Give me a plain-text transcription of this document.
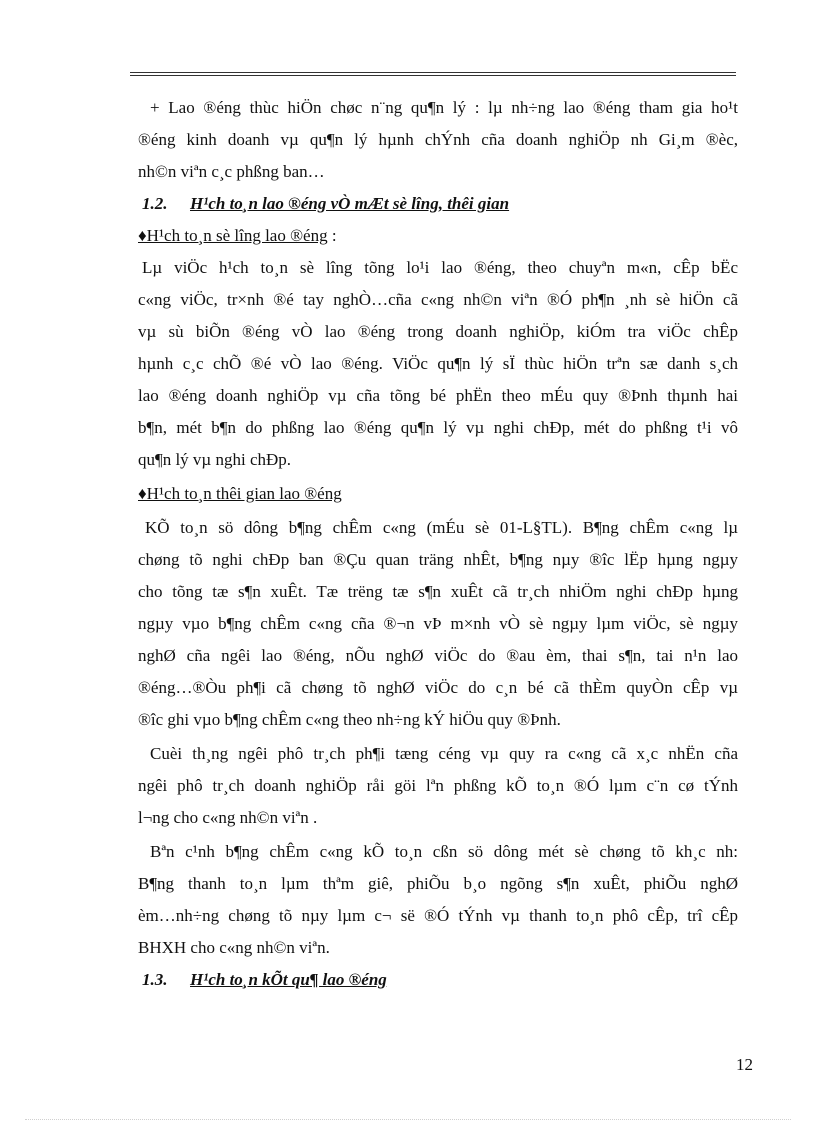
+ Lao ®éng thùc hiÖn chøc n¨ng qu¶n lý : lµ nh÷ng lao ®éng tham gia ho¹t
®éng kinh doanh vµ qu¶n lý hµnh chÝnh cña doanh nghiÖp nh Gi¸m ®èc,
nh©n viªn c¸c phßng ban…
1.2. H¹ch to¸n lao ®éng vÒ mÆt sè lîng, thêi gian
♦H¹ch to¸n sè lîng lao ®éng :
Lµ viÖc h¹ch to¸n sè lîng tõng lo¹i lao ®éng, theo chuyªn m«n, cÊp bËc
c«ng viÖc, tr×nh ®é tay nghÒ…cña c«ng nh©n viªn ®Ó ph¶n ¸nh sè hiÖn cã
vµ sù biÕn ®éng vÒ lao ®éng trong doanh nghiÖp, kiÓm tra viÖc chÊp
hµnh c¸c chÕ ®é vÒ lao ®éng. ViÖc qu¶n lý sÏ thùc hiÖn trªn sæ danh s¸ch
lao ®éng doanh nghiÖp vµ cña tõng bé phËn theo mÉu quy ®Þnh thµnh hai
b¶n, mét b¶n do phßng lao ®éng qu¶n lý vµ nghi chÐp, mét do phßng t¹i vô
qu¶n lý vµ nghi chÐp.
♦H¹ch to¸n thêi gian lao ®éng
KÕ to¸n sö dông b¶ng chÊm c«ng (mÉu sè 01-L§TL). B¶ng chÊm c«ng lµ
chøng tõ nghi chÐp ban ®Çu quan träng nhÊt, b¶ng nµy ®îc lËp hµng ngµy
cho tõng tæ s¶n xuÊt. Tæ trëng tæ s¶n xuÊt cã tr¸ch nhiÖm nghi chÐp hµng
ngµy vµo b¶ng chÊm c«ng cña ®¬n vÞ m×nh vÒ sè ngµy lµm viÖc, sè ngµy
nghØ cña ngêi lao ®éng, nÕu nghØ viÖc do ®au èm, thai s¶n, tai n¹n lao
®éng…®Òu ph¶i cã chøng tõ nghØ viÖc do c¸n bé cã thÈm quyÒn cÊp vµ
®îc ghi vµo b¶ng chÊm c«ng theo nh÷ng kÝ hiÖu quy ®Þnh.
Cuèi th¸ng ngêi phô tr¸ch ph¶i tæng céng vµ quy ra c«ng cã x¸c nhËn cña
ngêi phô tr¸ch doanh nghiÖp råi göi lªn phßng kÕ to¸n ®Ó lµm c¨n cø tÝnh
l¬ng cho c«ng nh©n viªn .
Bªn c¹nh b¶ng chÊm c«ng kÕ to¸n cßn sö dông mét sè chøng tõ kh¸c nh:
B¶ng thanh to¸n lµm thªm giê, phiÕu b¸o ngõng s¶n xuÊt, phiÕu nghØ
èm…nh÷ng chøng tõ nµy lµm c¬ së ®Ó tÝnh vµ thanh to¸n phô cÊp, trî cÊp
BHXH cho c«ng nh©n viªn.
1.3. H¹ch to¸n kÕt qu¶ lao ®éng
12
